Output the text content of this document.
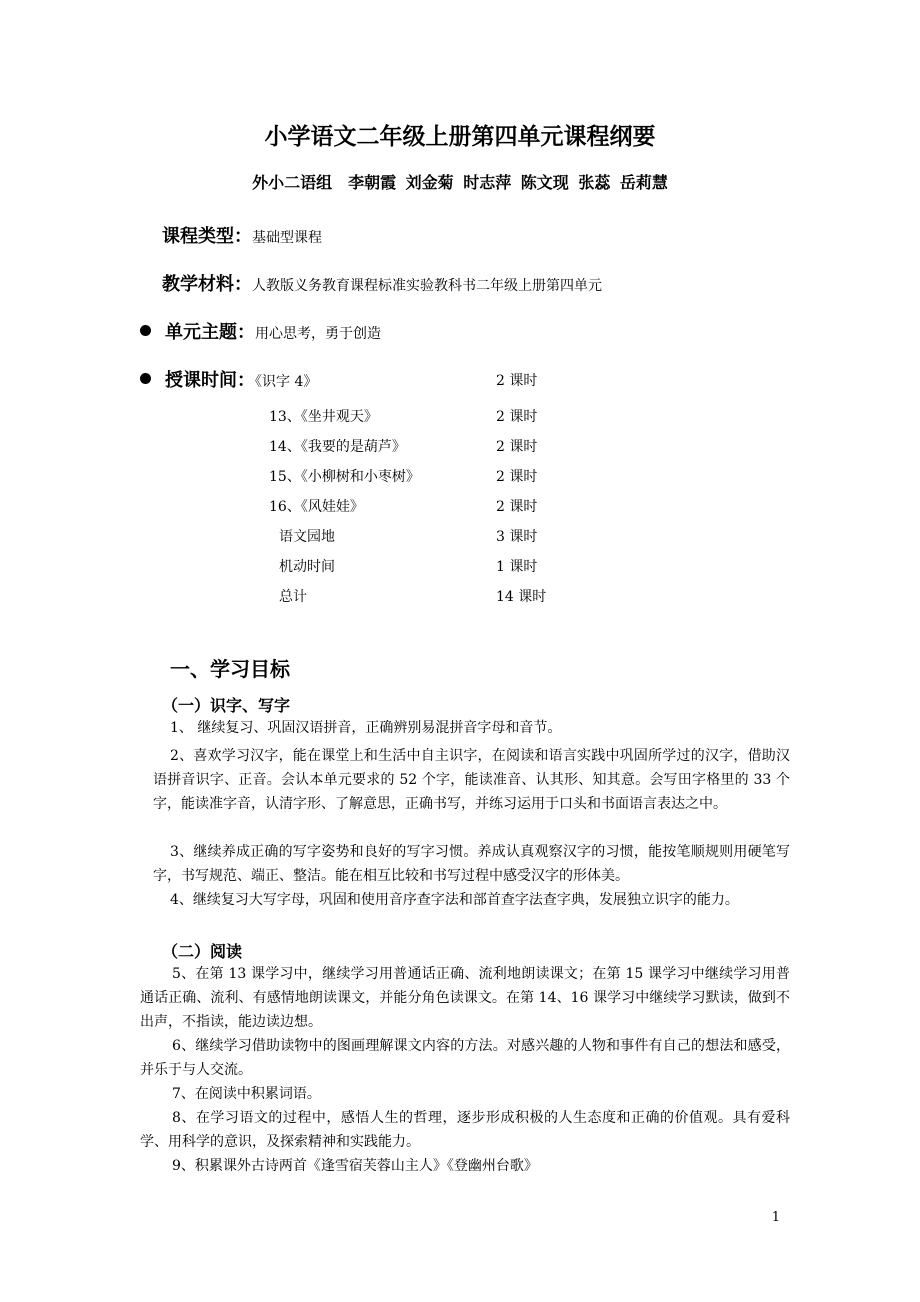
小学语文二年级上册第四单元课程纲要
外小二语组　李朝霞 刘金菊 时志萍 陈文现 张蕊 岳莉慧
课程类型：基础型课程
教学材料：人教版义务教育课程标准实验教科书二年级上册第四单元
单元主题：用心思考，勇于创造
授课时间：《识字 4》	2 课时
13、《坐井观天》	2 课时
14、《我要的是葫芦》	2 课时
15、《小柳树和小枣树》	2 课时
16、《风娃娃》	2 课时
语文园地	3 课时
机动时间	1 课时
总计	14 课时
一、学习目标
（一）识字、写字
1、 继续复习、巩固汉语拼音，正确辨别易混拼音字母和音节。
2、喜欢学习汉字，能在课堂上和生活中自主识字，在阅读和语言实践中巩固所学过的汉字，借助汉语拼音识字、正音。会认本单元要求的 52 个字，能读准音、认其形、知其意。会写田字格里的 33 个字，能读准字音，认清字形、了解意思，正确书写，并练习运用于口头和书面语言表达之中。
3、继续养成正确的写字姿势和良好的写字习惯。养成认真观察汉字的习惯，能按笔顺规则用硬笔写字，书写规范、端正、整洁。能在相互比较和书写过程中感受汉字的形体美。
4、继续复习大写字母，巩固和使用音序查字法和部首查字法查字典，发展独立识字的能力。
（二）阅读
5、在第 13 课学习中，继续学习用普通话正确、流利地朗读课文；在第 15 课学习中继续学习用普通话正确、流利、有感情地朗读课文，并能分角色读课文。在第 14、16 课学习中继续学习默读，做到不出声，不指读，能边读边想。
6、继续学习借助读物中的图画理解课文内容的方法。对感兴趣的人物和事件有自己的想法和感受，并乐于与人交流。
7、在阅读中积累词语。
8、在学习语文的过程中，感悟人生的哲理，逐步形成积极的人生态度和正确的价值观。具有爱科学、用科学的意识，及探索精神和实践能力。
9、积累课外古诗两首《逢雪宿芙蓉山主人》《登幽州台歌》
1
